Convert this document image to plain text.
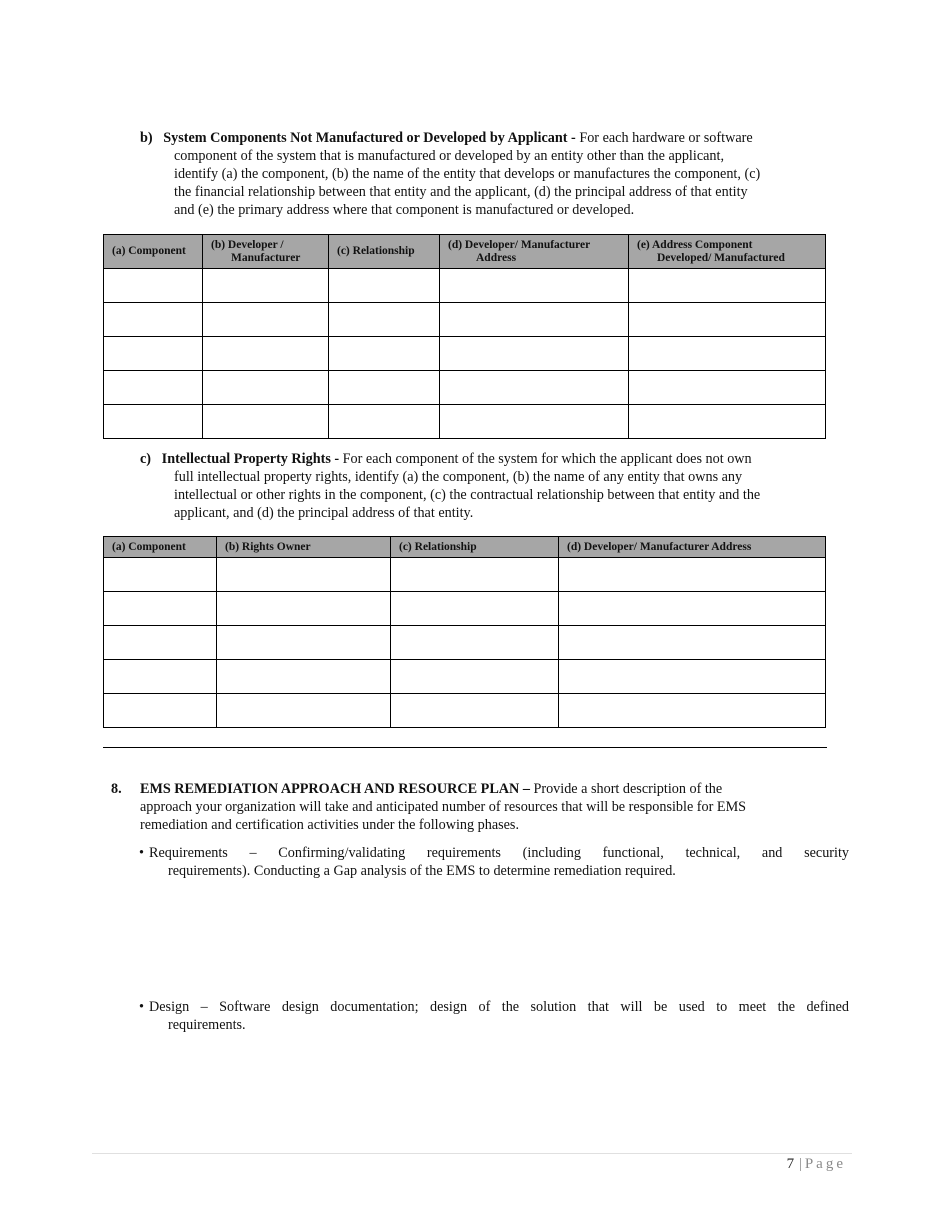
b) System Components Not Manufactured or Developed by Applicant - For each hardware or software
component of the system that is manufactured or developed by an entity other than the applicant,
identify (a) the component, (b) the name of the entity that develops or manufactures the component, (c)
the financial relationship between that entity and the applicant, (d) the principal address of that entity
and (e) the primary address where that component is manufactured or developed.
(a) Component	(b) Developer /
Manufacturer	(c) Relationship	(d) Developer/ Manufacturer
Address	(e) Address Component
Developed/ Manufactured

c) Intellectual Property Rights - For each component of the system for which the applicant does not own
full intellectual property rights, identify (a) the component, (b) the name of any entity that owns any
intellectual or other rights in the component, (c) the contractual relationship between that entity and the
applicant, and (d) the principal address of that entity.
(a) Component	(b) Rights Owner	(c) Relationship	(d) Developer/ Manufacturer Address

8. EMS REMEDIATION APPROACH AND RESOURCE PLAN – Provide a short description of the
approach your organization will take and anticipated number of resources that will be responsible for EMS
remediation and certification activities under the following phases.
• Requirements – Confirming/validating requirements (including functional, technical, and security
requirements). Conducting a Gap analysis of the EMS to determine remediation required.
• Design – Software design documentation; design of the solution that will be used to meet the defined
requirements.
7 |Page
